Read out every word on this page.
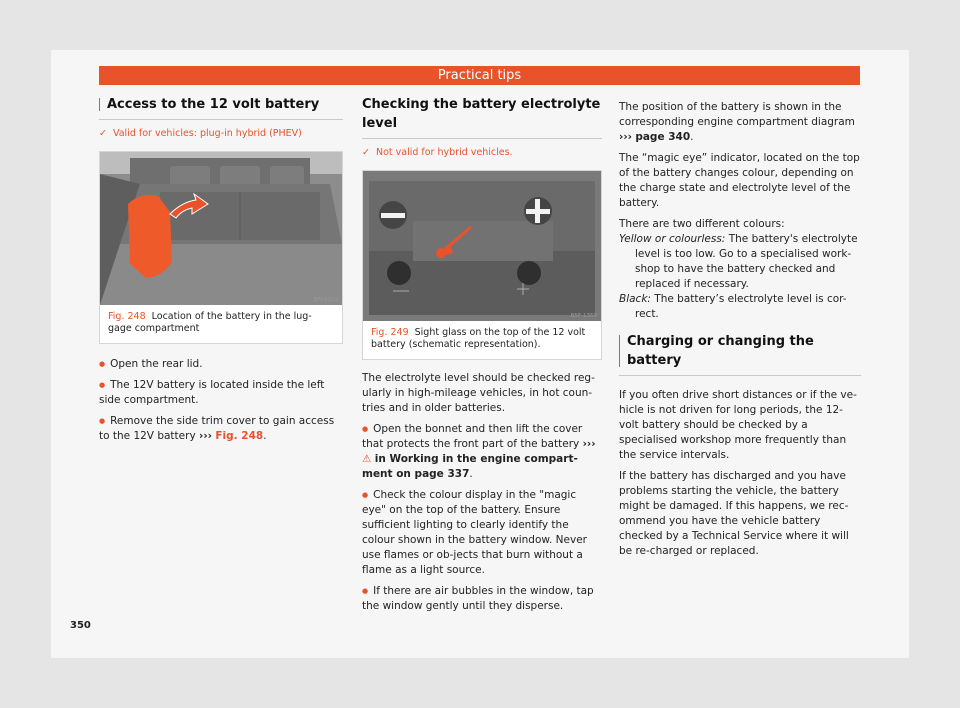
Practical tips
Access to the 12 volt battery
✓ Valid for vehicles: plug-in hybrid (PHEV)
BFJ-0222
Fig. 248 Location of the battery in the lug-gage compartment

● Open the rear lid.

● The 12V battery is located inside the left side compartment.

● Remove the side trim cover to gain access to the 12V battery ››› Fig. 248.

Checking the battery electrolyte level
✓ Not valid for hybrid vehicles.
B5F-1359
Fig. 249 Sight glass on the top of the 12 volt battery (schematic representation).

The electrolyte level should be checked reg-ularly in high-mileage vehicles, in hot coun-tries and in older batteries.

● Open the bonnet and then lift the cover that protects the front part of the battery ››› ⚠ in Working in the engine compart-ment on page 337.

● Check the colour display in the "magic eye" on the top of the battery. Ensure sufficient lighting to clearly identify the colour shown in the battery window. Never use flames or ob-jects that burn without a flame as a light source.

● If there are air bubbles in the window, tap the window gently until they disperse.

The position of the battery is shown in the corresponding engine compartment diagram ››› page 340.

The “magic eye” indicator, located on the top of the battery changes colour, depending on the charge state and electrolyte level of the battery.

There are two different colours:

Yellow or colourless: The battery's electrolyte level is too low. Go to a specialised work-shop to have the battery checked and replaced if necessary.

Black: The battery’s electrolyte level is cor-rect.

Charging or changing the battery

If you often drive short distances or if the ve-hicle is not driven for long periods, the 12-volt battery should be checked by a specialised workshop more frequently than the service intervals.

If the battery has discharged and you have problems starting the vehicle, the battery might be damaged. If this happens, we rec-ommend you have the vehicle battery checked by a Technical Service where it will be re-charged or replaced.

350
